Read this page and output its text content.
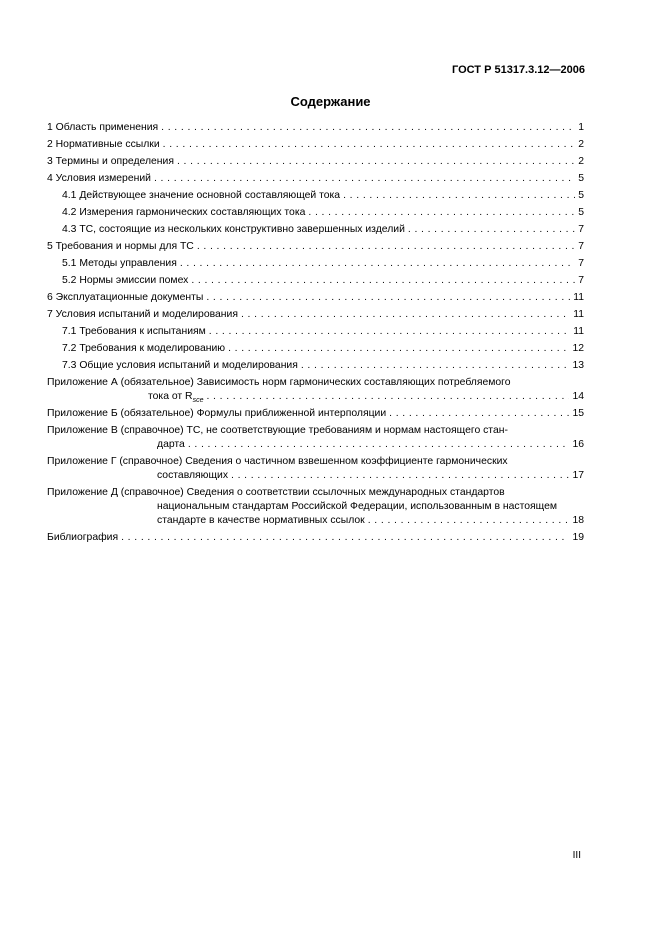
ГОСТ Р 51317.3.12—2006
Содержание
1 Область применения . . .	1
2 Нормативные ссылки . . .	2
3 Термины и определения . . .	2
4 Условия измерений . . .	5
4.1 Действующее значение основной составляющей тока . . .	5
4.2 Измерения гармонических составляющих тока . . .	5
4.3 ТС, состоящие из нескольких конструктивно завершенных изделий . . .	7
5 Требования и нормы для ТС . . .	7
5.1 Методы управления . . .	7
5.2 Нормы эмиссии помех . . .	7
6 Эксплуатационные документы . . .	11
7 Условия испытаний и моделирования . . .	11
7.1 Требования к испытаниям . . .	11
7.2 Требования к моделированию . . .	12
7.3 Общие условия испытаний и моделирования . . .	13
Приложение А (обязательное) Зависимость норм гармонических составляющих потребляемого
тока от $R_{sce}$ . . .	14
Приложение Б (обязательное) Формулы приближенной интерполяции . . .	15
Приложение В (справочное) ТС, не соответствующие требованиям и нормам настоящего стан-
дарта . . .	16
Приложение Г (справочное) Сведения о частичном взвешенном коэффициенте гармонических
составляющих . . .	17
Приложение Д (справочное) Сведения о соответствии ссылочных международных стандартов
национальным стандартам Российской Федерации, использованным в настоящем
стандарте в качестве нормативных ссылок . . .	18
Библиография . . .	19
III
